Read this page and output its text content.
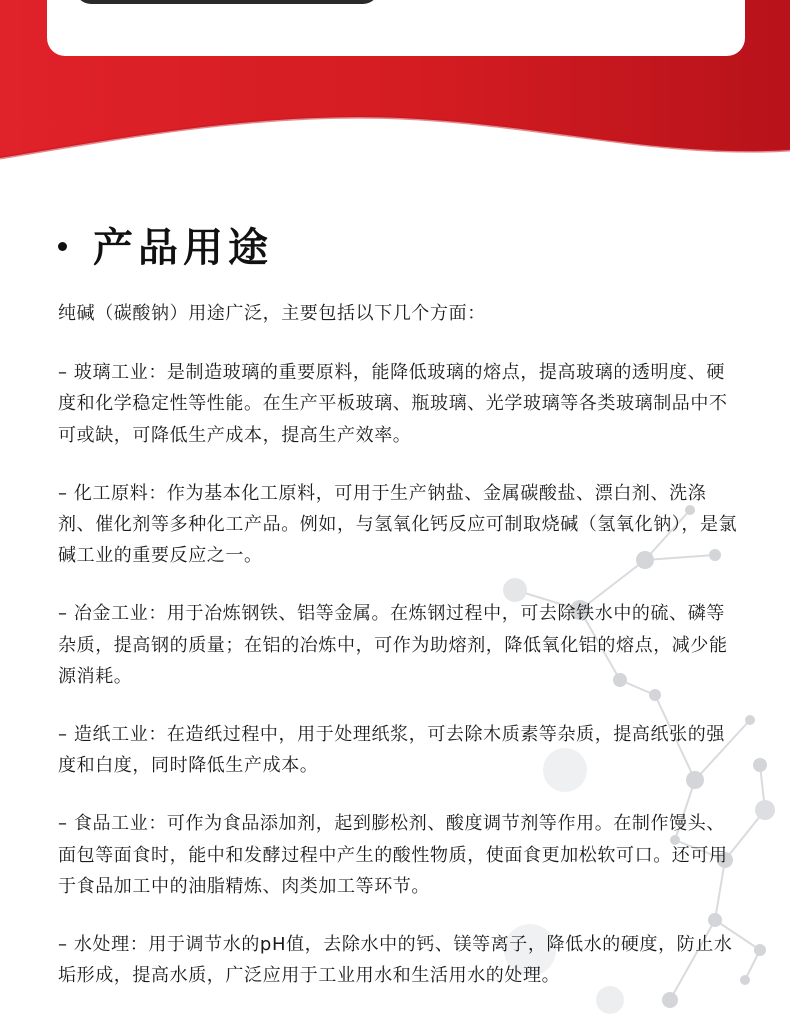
产品用途

纯碱（碳酸钠）用途广泛，主要包括以下几个方面：

– 玻璃工业：是制造玻璃的重要原料，能降低玻璃的熔点，提高玻璃的透明度、硬度和化学稳定性等性能。在生产平板玻璃、瓶玻璃、光学玻璃等各类玻璃制品中不可或缺，可降低生产成本，提高生产效率。

– 化工原料：作为基本化工原料，可用于生产钠盐、金属碳酸盐、漂白剂、洗涤剂、催化剂等多种化工产品。例如，与氢氧化钙反应可制取烧碱（氢氧化钠），是氯碱工业的重要反应之一。

– 冶金工业：用于冶炼钢铁、铝等金属。在炼钢过程中，可去除铁水中的硫、磷等杂质，提高钢的质量；在铝的冶炼中，可作为助熔剂，降低氧化铝的熔点，减少能源消耗。

– 造纸工业：在造纸过程中，用于处理纸浆，可去除木质素等杂质，提高纸张的强度和白度，同时降低生产成本。

– 食品工业：可作为食品添加剂，起到膨松剂、酸度调节剂等作用。在制作馒头、面包等面食时，能中和发酵过程中产生的酸性物质，使面食更加松软可口。还可用于食品加工中的油脂精炼、肉类加工等环节。

– 水处理：用于调节水的pH值，去除水中的钙、镁等离子，降低水的硬度，防止水垢形成，提高水质，广泛应用于工业用水和生活用水的处理。
